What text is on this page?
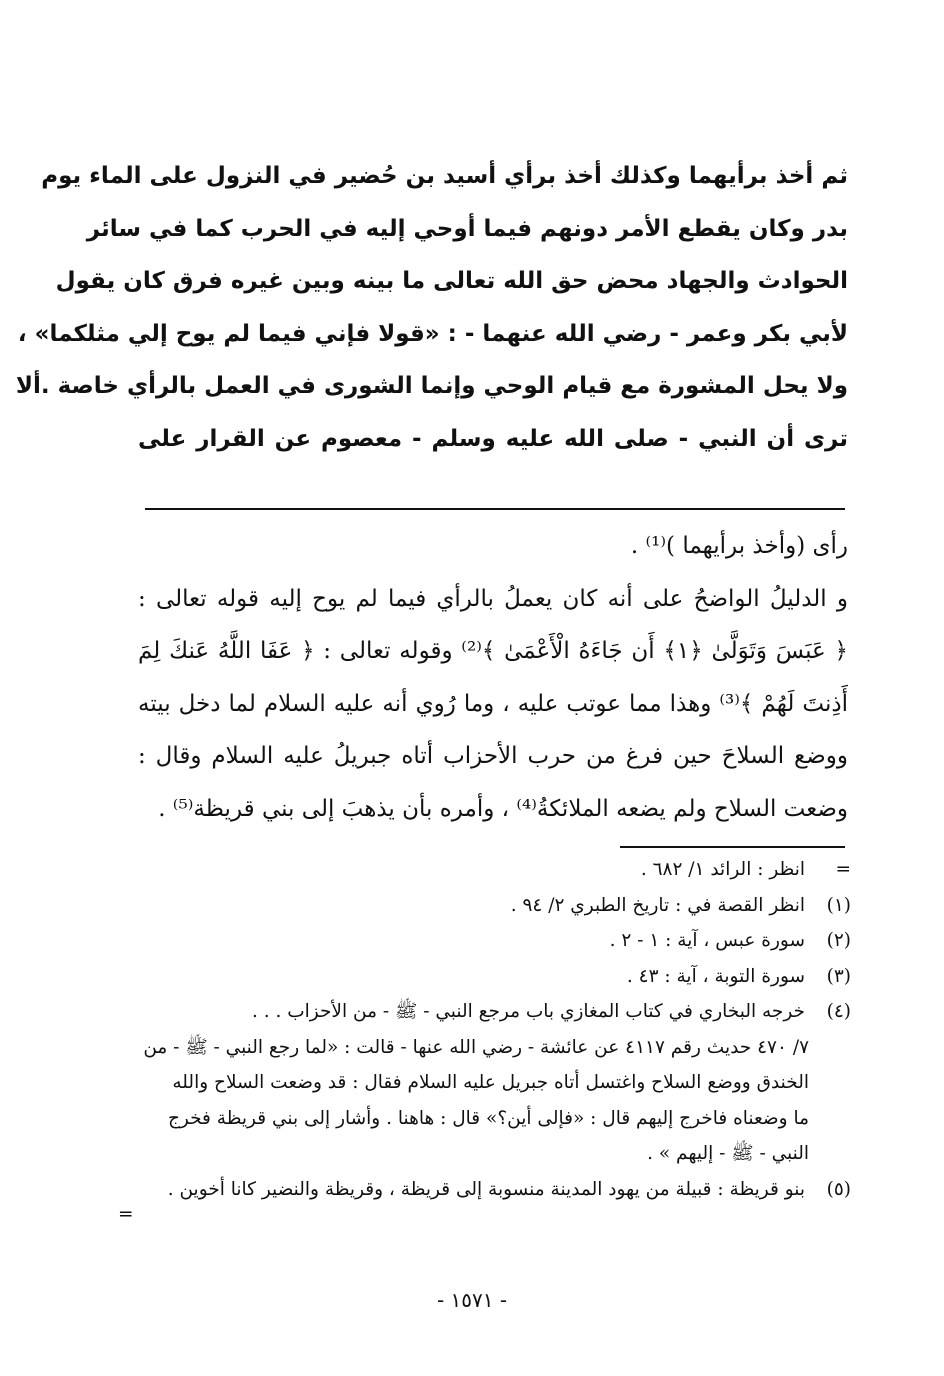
ثم أخذ برأيهما وكذلك أخذ برأي أسيد بن حُضير في النزول على الماء يوم

بدر وكان يقطع الأمر دونهم فيما أوحي إليه في الحرب كما في سائر

الحوادث والجهاد محض حق الله تعالى ما بينه وبين غيره فرق كان يقول

لأبي بكر وعمر - رضي الله عنهما - : «قولا فإني فيما لم يوح إلي مثلكما» ،

ولا يحل المشورة مع قيام الوحي وإنما الشورى في العمل بالرأي خاصة .ألا

ترى أن النبي - صلى الله عليه وسلم - معصوم عن القرار على

رأى (وأخذ برأيهما )⁽¹⁾ .

و الدليلُ الواضحُ على أنه كان يعملُ بالرأي فيما لم يوح إليه قوله تعالى :

﴿ عَبَسَ وَتَوَلَّىٰ ﴿١﴾ أَن جَاءَهُ الْأَعْمَىٰ ﴾⁽²⁾ وقوله تعالى : ﴿ عَفَا اللَّهُ عَنكَ لِمَ

أَذِنتَ لَهُمْ ﴾⁽³⁾ وهذا مما عوتب عليه ، وما رُوي أنه عليه السلام لما دخل بيته

ووضع السلاحَ حين فرغ من حرب الأحزاب أتاه جبريلُ عليه السلام وقال :

وضعت السلاح ولم يضعه الملائكةُ⁽⁴⁾ ، وأمره بأن يذهبَ إلى بني قريظة⁽⁵⁾ .

=
انظر : الرائد ١/ ٦٨٢ .
(١)
انظر القصة في : تاريخ الطبري ٢/ ٩٤ .
(٢)
سورة عبس ، آية : ١ - ٢ .
(٣)
سورة التوبة ، آية : ٤٣ .
(٤)
خرجه البخاري في كتاب المغازي باب مرجع النبي - ﷺ - من الأحزاب . . .
٧/ ٤٧٠ حديث رقم ٤١١٧ عن عائشة - رضي الله عنها - قالت : «لما رجع النبي - ﷺ - من
الخندق ووضع السلاح واغتسل أتاه جبريل عليه السلام فقال : قد وضعت السلاح والله
ما وضعناه فاخرج إليهم قال : «فإلى أين؟» قال : هاهنا . وأشار إلى بني قريظة فخرج
النبي - ﷺ - إليهم » .
(٥)
بنو قريظة : قبيلة من يهود المدينة منسوبة إلى قريظة ، وقريظة والنضير كانا أخوين .
=
- ١٥٧١ -
